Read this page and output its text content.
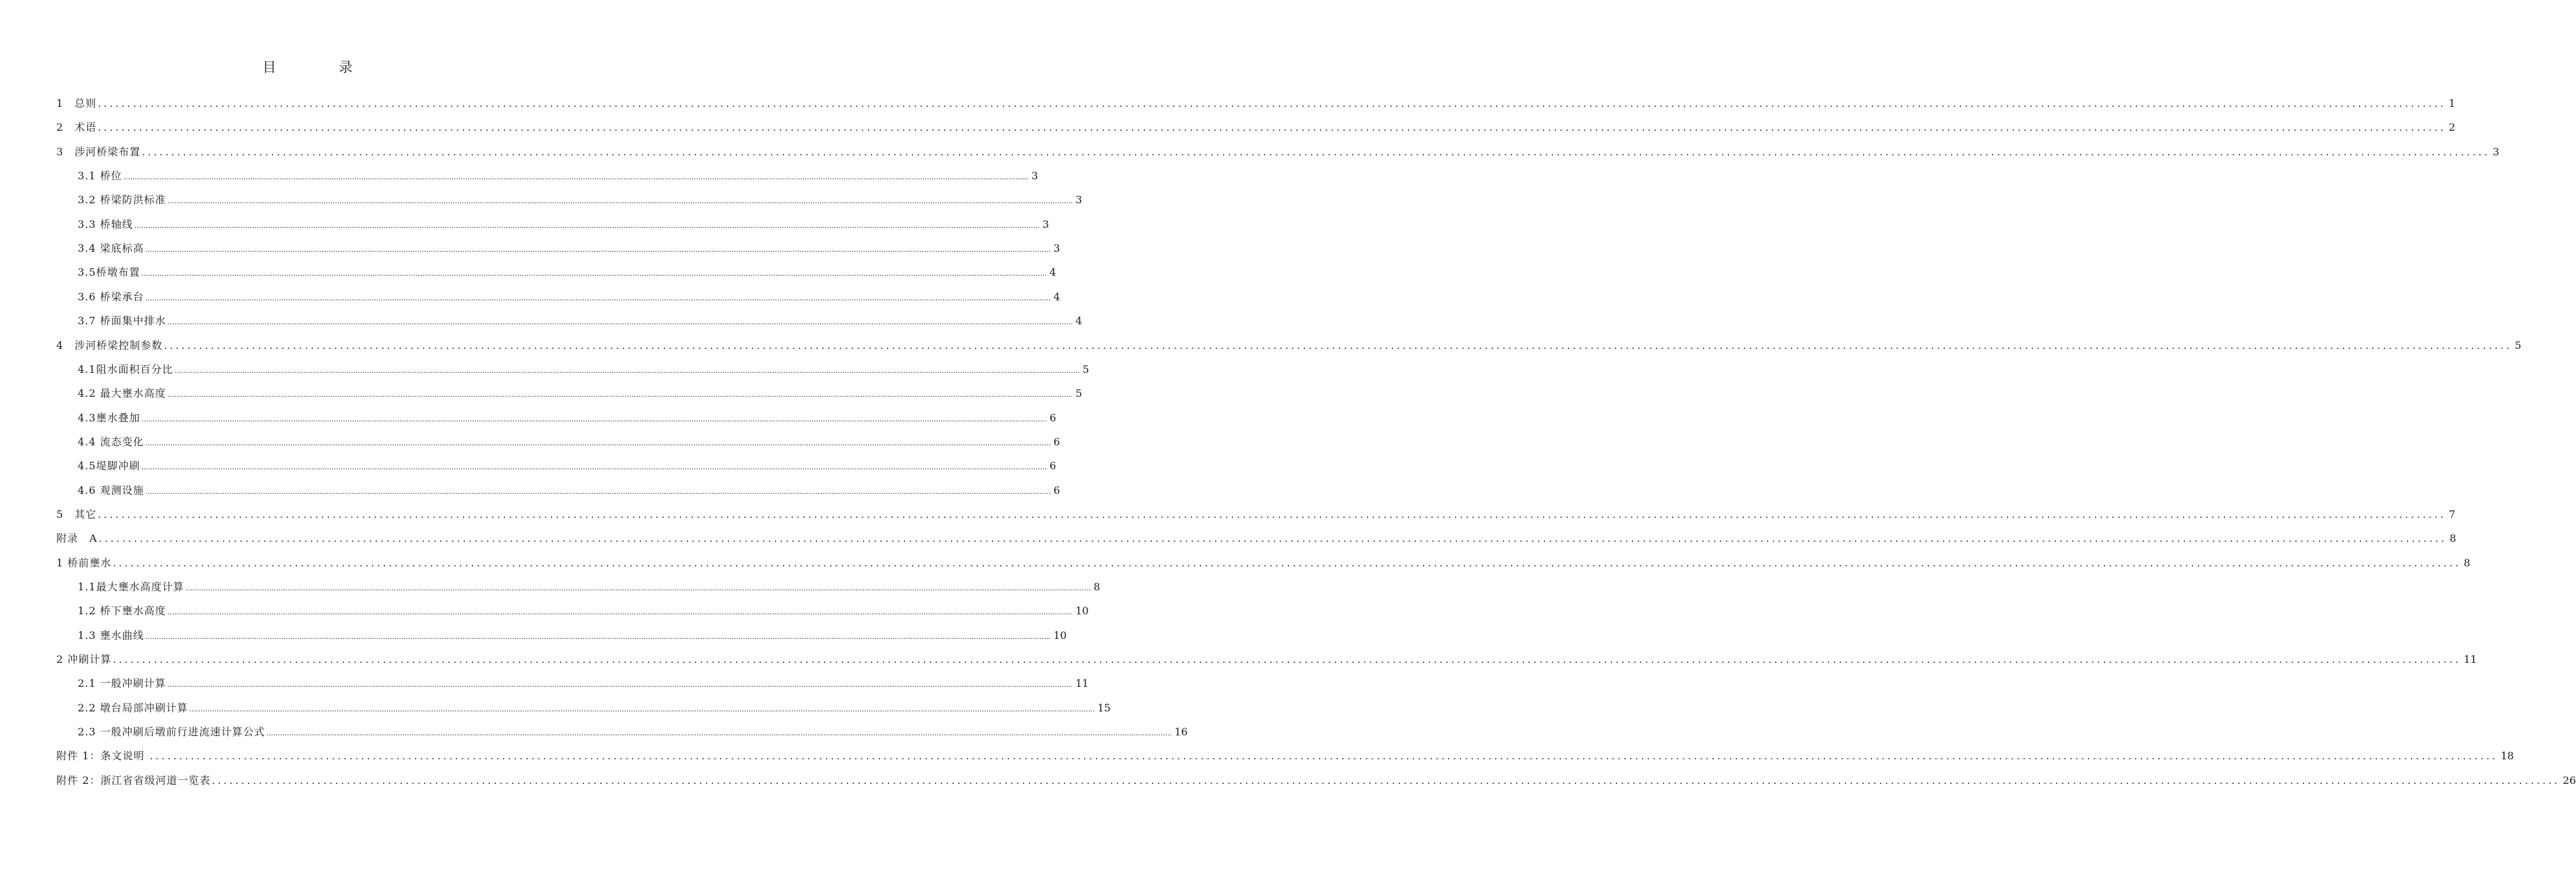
目　录
1　总则 ................................................................................................................................................................................................................................................................................................................................................................................................................ 1
2　术语 ................................................................................................................................................................................................................................................................................................................................................................................................................ 2
3　涉河桥梁布置 ................................................................................................................................................................................................................................................................................................................................................................................................................ 3
3.1 桥位 ................................................................................................................................................................................................................................................................................................................................................................................................................ 3
3.2 桥梁防洪标准 ................................................................................................................................................................................................................................................................................................................................................................................................................ 3
3.3 桥轴线 ................................................................................................................................................................................................................................................................................................................................................................................................................ 3
3.4 梁底标高 ................................................................................................................................................................................................................................................................................................................................................................................................................ 3
3.5桥墩布置 ................................................................................................................................................................................................................................................................................................................................................................................................................ 4
3.6 桥梁承台 ................................................................................................................................................................................................................................................................................................................................................................................................................ 4
3.7 桥面集中排水 ................................................................................................................................................................................................................................................................................................................................................................................................................ 4
4　涉河桥梁控制参数 ................................................................................................................................................................................................................................................................................................................................................................................................................ 5
4.1阻水面积百分比 ................................................................................................................................................................................................................................................................................................................................................................................................................ 5
4.2 最大壅水高度 ................................................................................................................................................................................................................................................................................................................................................................................................................ 5
4.3壅水叠加 ................................................................................................................................................................................................................................................................................................................................................................................................................ 6
4.4 流态变化 ................................................................................................................................................................................................................................................................................................................................................................................................................ 6
4.5堤脚冲刷 ................................................................................................................................................................................................................................................................................................................................................................................................................ 6
4.6 观测设施 ................................................................................................................................................................................................................................................................................................................................................................................................................ 6
5　其它 ................................................................................................................................................................................................................................................................................................................................................................................................................ 7
附录　A ................................................................................................................................................................................................................................................................................................................................................................................................................ 8
1 桥前壅水 ................................................................................................................................................................................................................................................................................................................................................................................................................ 8
1.1最大壅水高度计算 ................................................................................................................................................................................................................................................................................................................................................................................................................ 8
1.2 桥下壅水高度 ................................................................................................................................................................................................................................................................................................................................................................................................................ 10
1.3 壅水曲线 ................................................................................................................................................................................................................................................................................................................................................................................................................ 10
2 冲刷计算 ................................................................................................................................................................................................................................................................................................................................................................................................................ 11
2.1 一般冲刷计算 ................................................................................................................................................................................................................................................................................................................................................................................................................ 11
2.2 墩台局部冲刷计算 ................................................................................................................................................................................................................................................................................................................................................................................................................ 15
2.3 一般冲刷后墩前行进流速计算公式 ................................................................................................................................................................................................................................................................................................................................................................................................................ 16
附件 1：条文说明 ................................................................................................................................................................................................................................................................................................................................................................................................................ 18
附件 2：浙江省省级河道一览表 ................................................................................................................................................................................................................................................................................................................................................................................................................ 26
